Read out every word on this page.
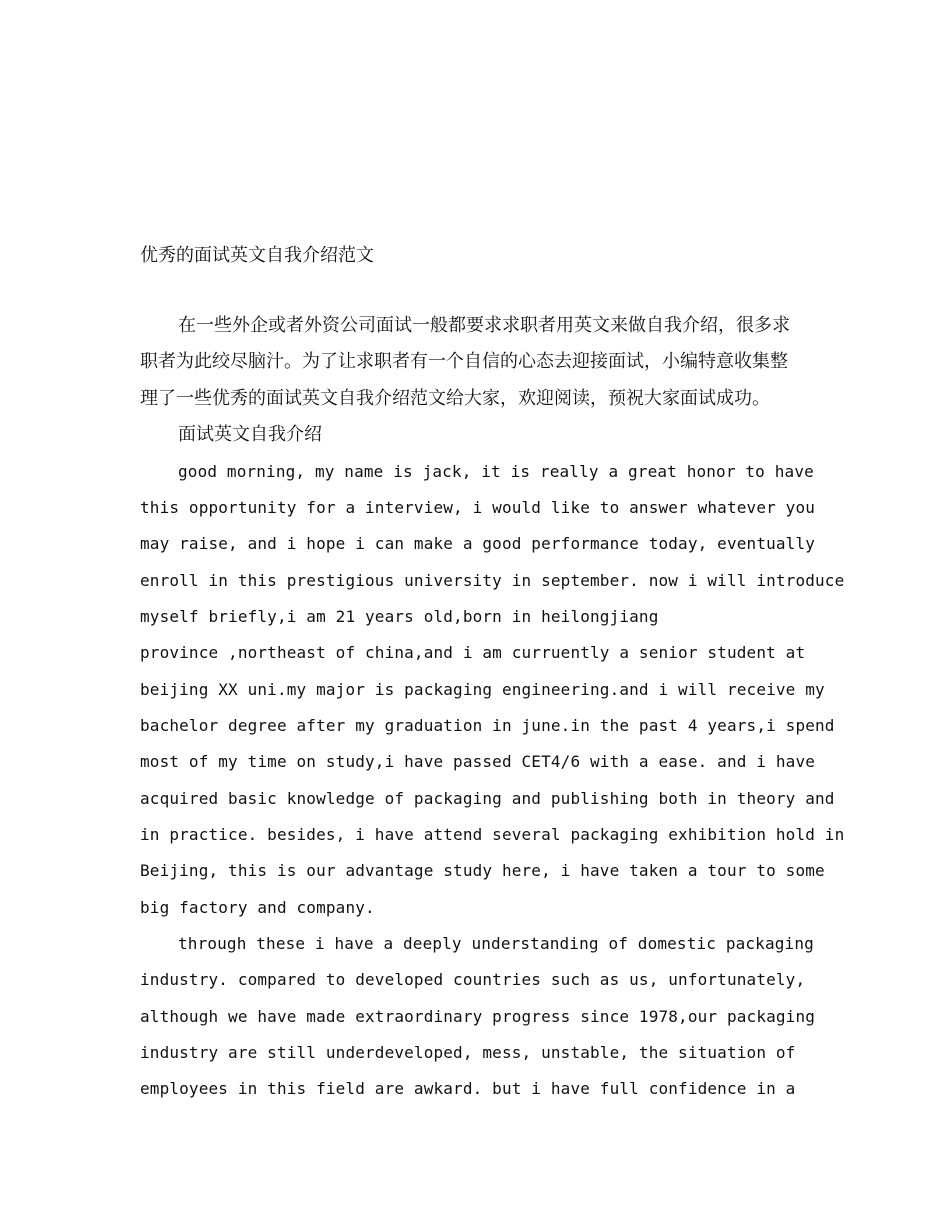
优秀的面试英文自我介绍范文
在一些外企或者外资公司面试一般都要求求职者用英文来做自我介绍，很多求
职者为此绞尽脑汁。为了让求职者有一个自信的心态去迎接面试，小编特意收集整
理了一些优秀的面试英文自我介绍范文给大家，欢迎阅读，预祝大家面试成功。
面试英文自我介绍
good morning, my name is jack, it is really a great honor to have
this opportunity for a interview, i would like to answer whatever you
may raise, and i hope i can make a good performance today, eventually
enroll in this prestigious university in september. now i will introduce
myself briefly,i am 21 years old,born in heilongjiang
province ,northeast of china,and i am curruently a senior student at
beijing XX uni.my major is packaging engineering.and i will receive my
bachelor degree after my graduation in june.in the past 4 years,i spend
most of my time on study,i have passed CET4/6 with a ease. and i have
acquired basic knowledge of packaging and publishing both in theory and
in practice. besides, i have attend several packaging exhibition hold in
Beijing, this is our advantage study here, i have taken a tour to some
big factory and company.
through these i have a deeply understanding of domestic packaging
industry. compared to developed countries such as us, unfortunately,
although we have made extraordinary progress since 1978,our packaging
industry are still underdeveloped, mess, unstable, the situation of
employees in this field are awkard. but i have full confidence in a
